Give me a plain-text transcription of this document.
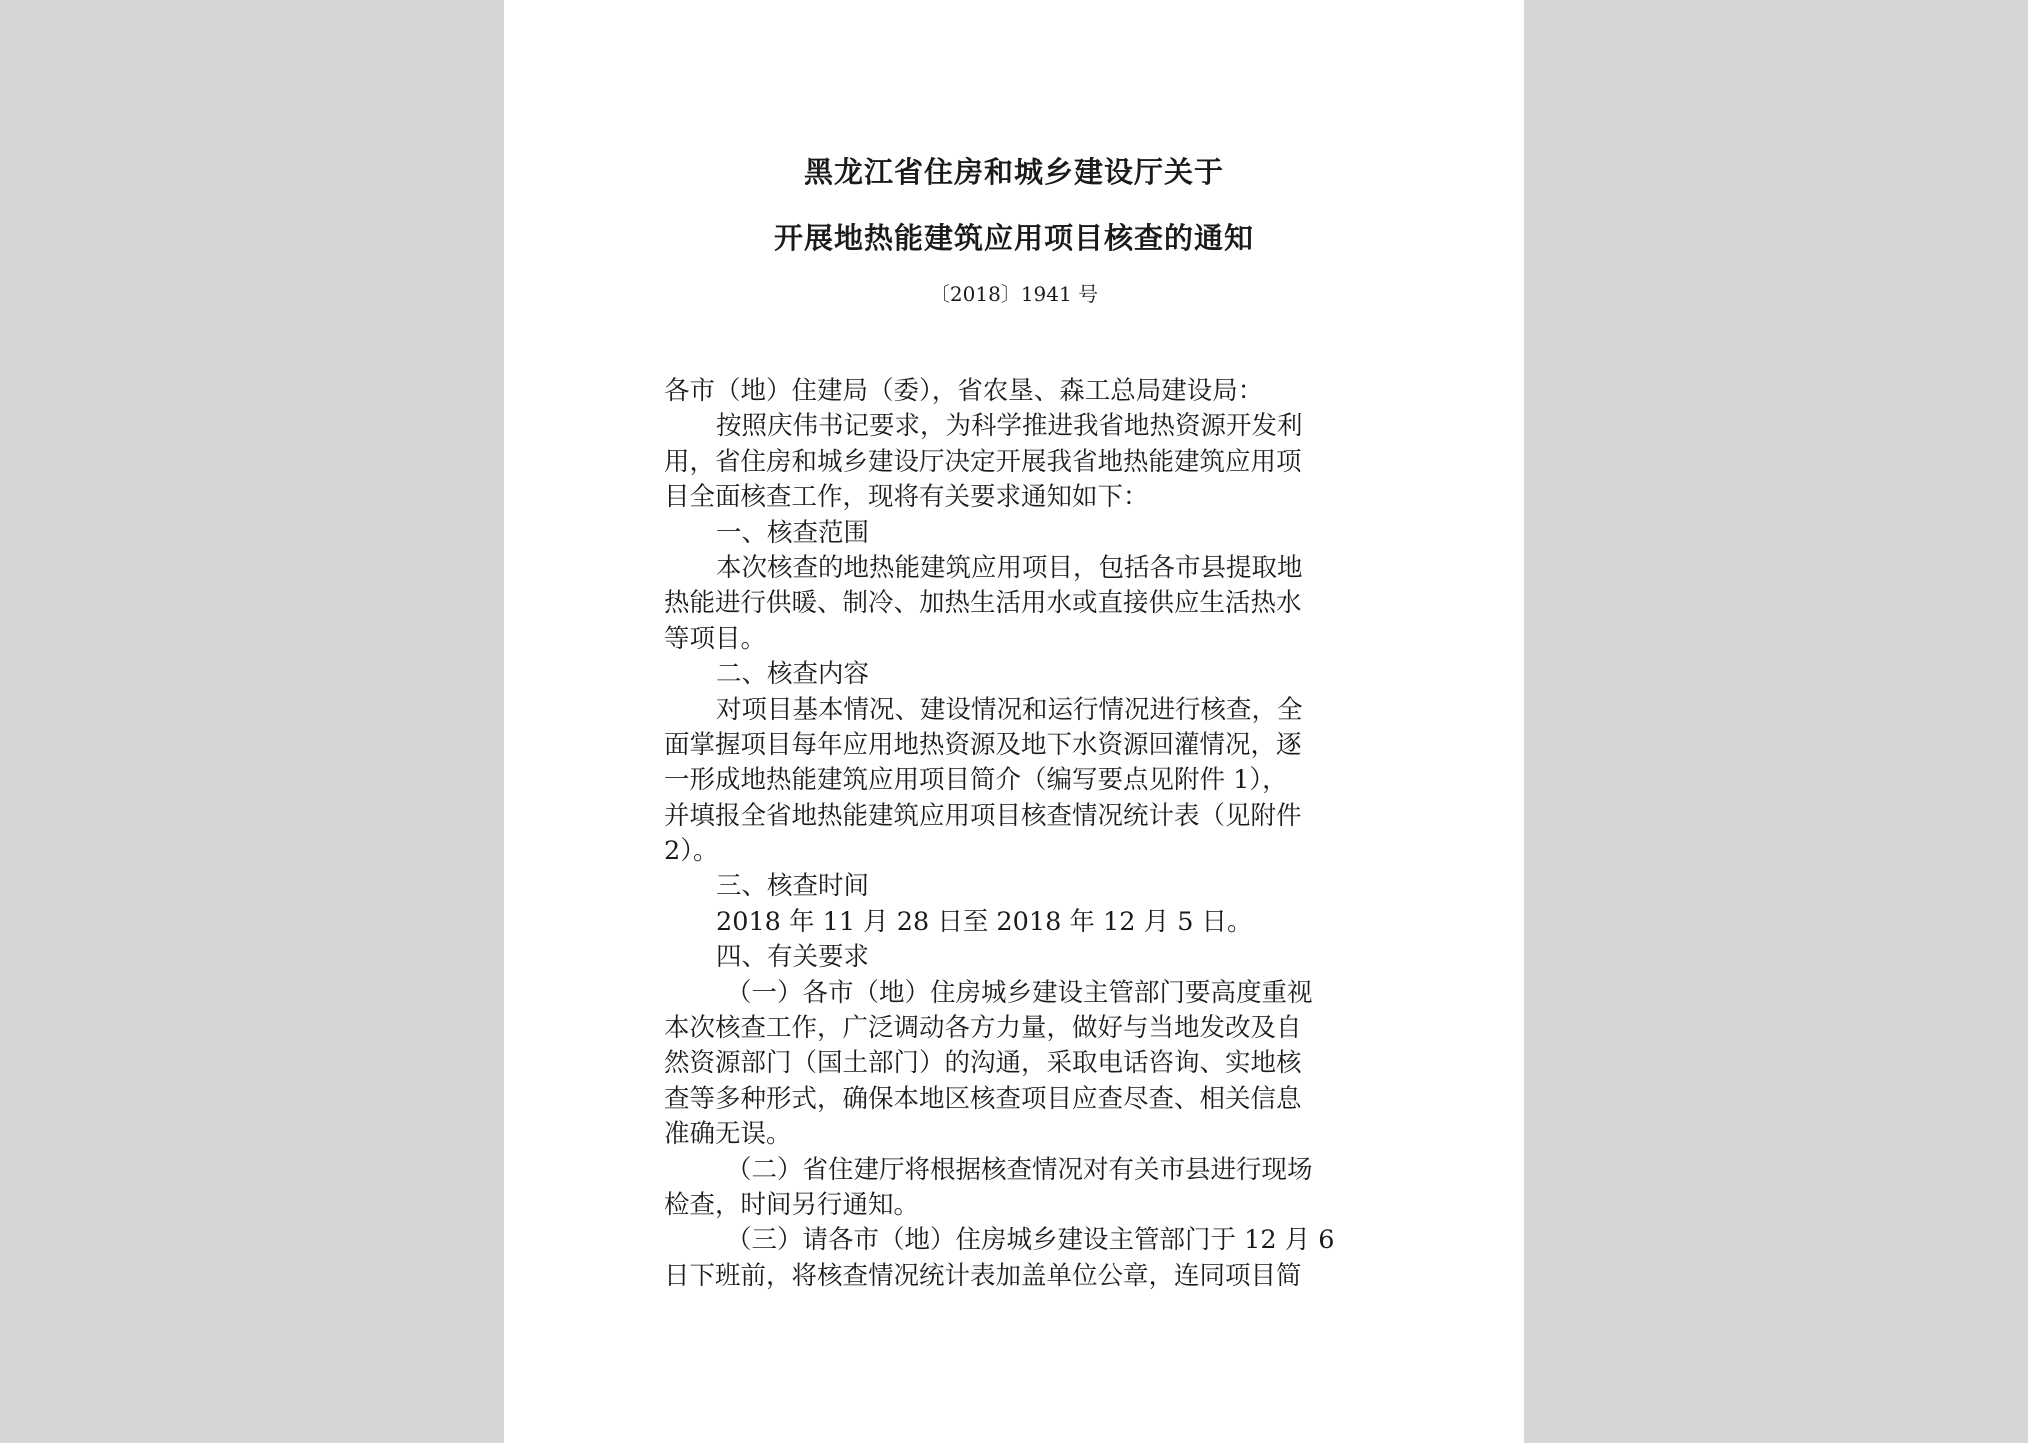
黑龙江省住房和城乡建设厅关于
开展地热能建筑应用项目核查的通知
〔2018〕1941 号
各市（地）住建局（委），省农垦、森工总局建设局：
按照庆伟书记要求，为科学推进我省地热资源开发利
用，省住房和城乡建设厅决定开展我省地热能建筑应用项
目全面核查工作，现将有关要求通知如下：
一、核查范围
本次核查的地热能建筑应用项目，包括各市县提取地
热能进行供暖、制冷、加热生活用水或直接供应生活热水
等项目。
二、核查内容
对项目基本情况、建设情况和运行情况进行核查，全
面掌握项目每年应用地热资源及地下水资源回灌情况，逐
一形成地热能建筑应用项目简介（编写要点见附件 1），
并填报全省地热能建筑应用项目核查情况统计表（见附件
2）。
三、核查时间
2018 年 11 月 28 日至 2018 年 12 月 5 日。
四、有关要求
（一）各市（地）住房城乡建设主管部门要高度重视
本次核查工作，广泛调动各方力量，做好与当地发改及自
然资源部门（国土部门）的沟通，采取电话咨询、实地核
查等多种形式，确保本地区核查项目应查尽查、相关信息
准确无误。
（二）省住建厅将根据核查情况对有关市县进行现场
检查，时间另行通知。
（三）请各市（地）住房城乡建设主管部门于 12 月 6
日下班前，将核查情况统计表加盖单位公章，连同项目简
